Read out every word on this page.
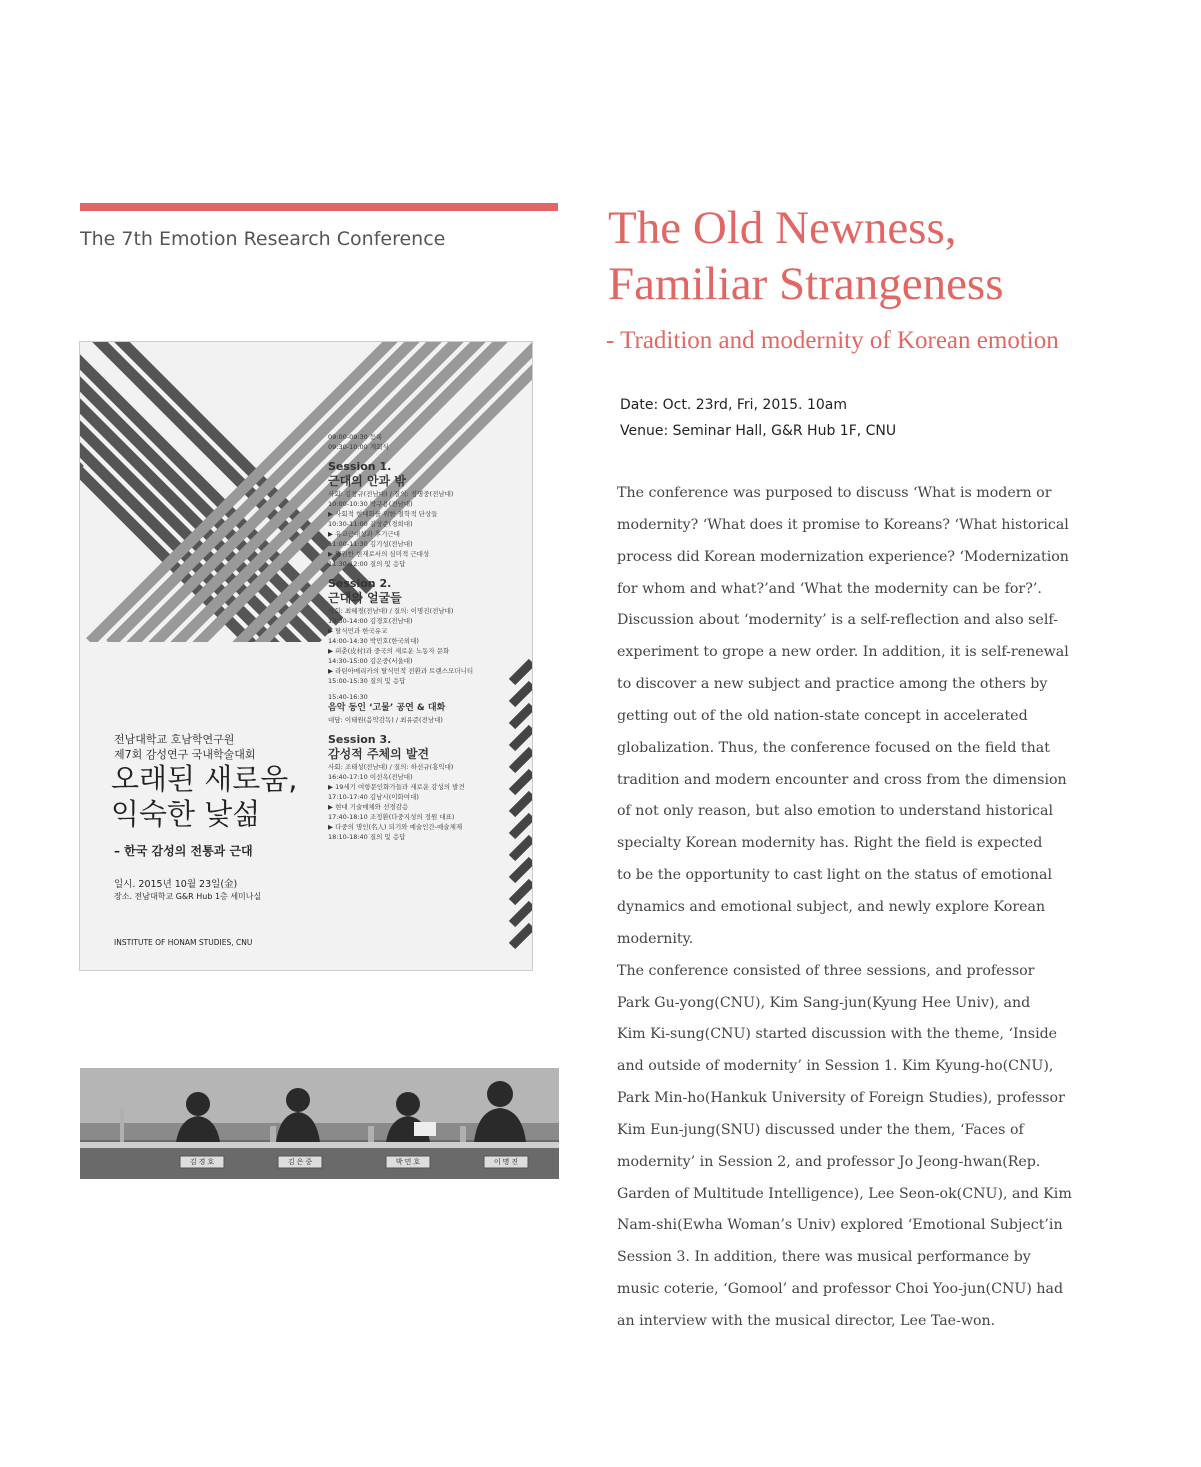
The 7th Emotion Research Conference	The Old Newness,
Familiar Strangeness
- Tradition and modernity of Korean emotion
Date: Oct. 23rd, Fri, 2015. 10am
Venue: Seminar Hall, G&R Hub 1F, CNU
The conference was purposed to discuss ‘What is modern or
modernity? ‘What does it promise to Koreans? ‘What historical
process did Korean modernization experience? ‘Modernization
for whom and what?’and ‘What the modernity can be for?’.
Discussion about ‘modernity’ is a self-reflection and also self-
experiment to grope a new order. In addition, it is self-renewal
to discover a new subject and practice among the others by
getting out of the old nation-state concept in accelerated
globalization. Thus, the conference focused on the field that
tradition and modern encounter and cross from the dimension
of not only reason, but also emotion to understand historical
specialty Korean modernity has. Right the field is expected
to be the opportunity to cast light on the status of emotional
dynamics and emotional subject, and newly explore Korean
modernity.
The conference consisted of three sessions, and professor
Park Gu-yong(CNU), Kim Sang-jun(Kyung Hee Univ), and
Kim Ki-sung(CNU) started discussion with the theme, ‘Inside
and outside of modernity’ in Session 1. Kim Kyung-ho(CNU),
Park Min-ho(Hankuk University of Foreign Studies), professor
Kim Eun-jung(SNU) discussed under the them, ‘Faces of
modernity’ in Session 2, and professor Jo Jeong-hwan(Rep.
Garden of Multitude Intelligence), Lee Seon-ok(CNU), and Kim
Nam-shi(Ewha Woman’s Univ) explored ‘Emotional Subject’in
Session 3. In addition, there was musical performance by
music coterie, ‘Gomool’ and professor Choi Yoo-jun(CNU) had
an interview with the musical director, Lee Tae-won.
전남대학교 호남학연구원
제7회 감성연구 국내학술대회
오래된 새로움,
익숙한 낯섦
– 한국 감성의 전통과 근대
일시. 2015년 10월 23일(金)
장소. 전남대학교 G&R Hub 1층 세미나실
INSTITUTE OF HONAM STUDIES, CNU
09:00-09:30 등록
09:30-10:00 개회식
Session 1.
근대의 안과 밖
사회: 김창규(전남대) / 질의: 정명중(전남대)
10:00-10:30 박구용(전남대)
▶ 사회적 현대화를 위한 철학적 단상들
10:30-11:00 김상준(경희대)
▶ 유교근대성과 후기근대
11:00-11:30 김기성(전남대)
▶ 영원한 현재로서의 심미적 근대성
11:30-12:00 질의 및 응답
Session 2.
근대의 얼굴들
사회: 최혜경(전남대) / 질의: 이명진(전남대)
13:30-14:00 김경호(전남대)
▶ 탈식민과 한국유교
14:00-14:30 박민호(한국외대)
▶ 피춘(皮村)과 중국의 새로운 노동자 문화
14:30-15:00 김은중(서울대)
▶ 라틴아메리카의 탈식민적 전환과 트랜스모더니티
15:00-15:30 질의 및 응답
15:40-16:30
음악 동인 ‘고물’ 공연 & 대화
대담: 이태원(음악감독) / 최유준(전남대)
Session 3.
감성적 주체의 발견
사회: 조태성(전남대) / 질의: 하선규(홍익대)
16:40-17:10 이선옥(전남대)
▶ 19세기 여항문인화가들과 새로운 감성의 발견
17:10-17:40 김남시(이화여대)
▶ 현대 기술매체와 선경감응
17:40-18:10 조정환(다중지성의 정원 대표)
▶ 다중의 명인(名人) 되기와 예술인간-예술체제
18:10-18:40 질의 및 응답
김 경 호	김 은 중	박 민 호	이 명 진
